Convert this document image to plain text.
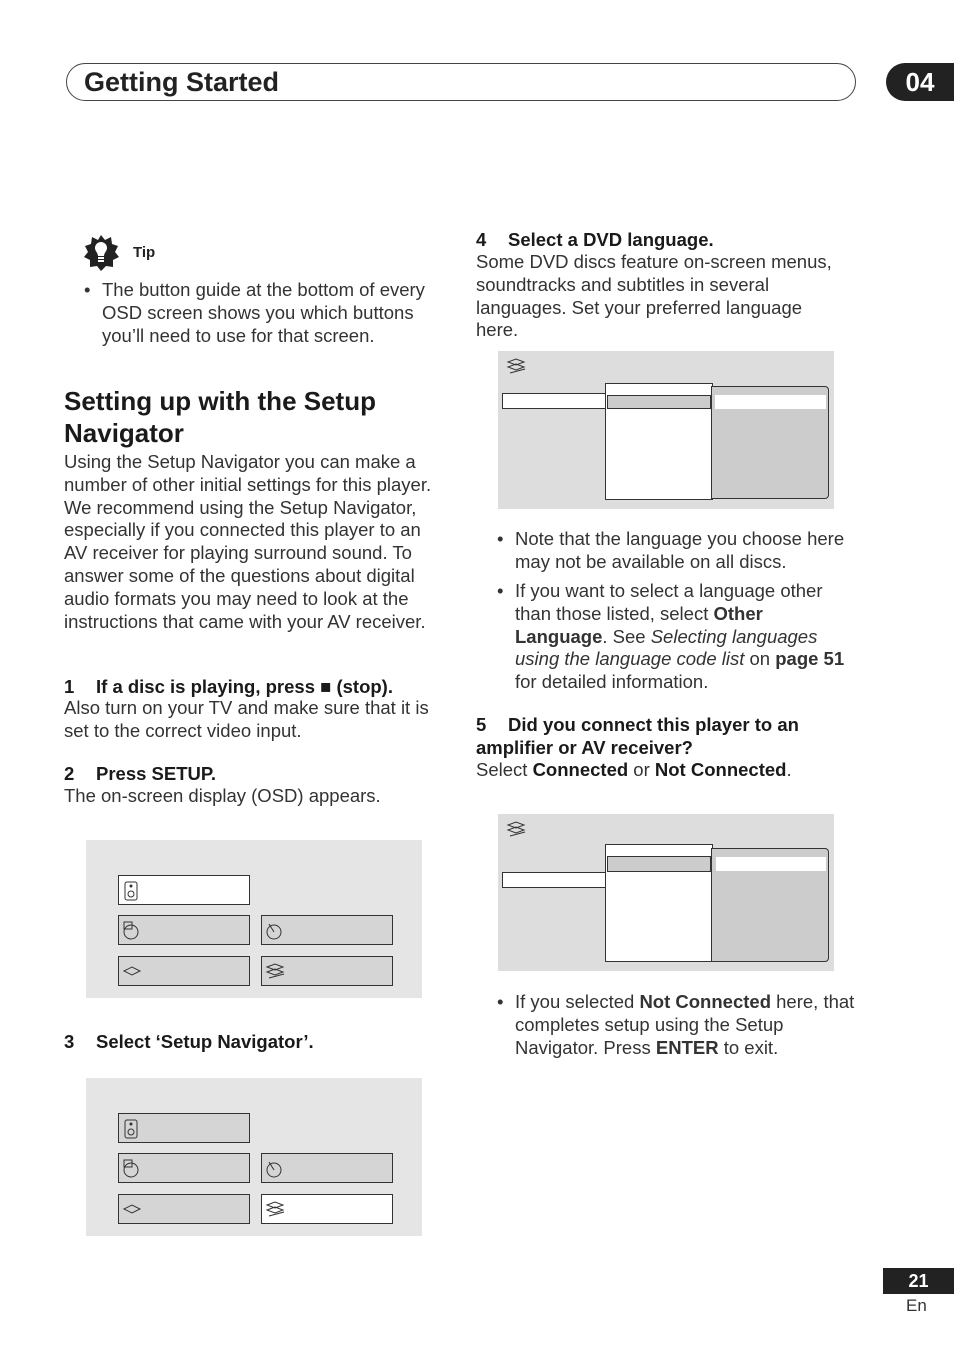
Getting Started	04
Tip
• The button guide at the bottom of every OSD screen shows you which buttons you’ll need to use for that screen.
Setting up with the Setup
Navigator
Using the Setup Navigator you can make a number of other initial settings for this player. We recommend using the Setup Navigator, especially if you connected this player to an AV receiver for playing surround sound. To answer some of the questions about digital audio formats you may need to look at the instructions that came with your AV receiver.
1 If a disc is playing, press ■ (stop).
Also turn on your TV and make sure that it is set to the correct video input.
2 Press SETUP.
The on-screen display (OSD) appears.
3 Select ‘Setup Navigator’.
4 Select a DVD language.
Some DVD discs feature on-screen menus, soundtracks and subtitles in several languages. Set your preferred language here.
• Note that the language you choose here may not be available on all discs.
• If you want to select a language other than those listed, select Other Language. See Selecting languages using the language code list on page 51 for detailed information.
5 Did you connect this player to an amplifier or AV receiver?
Select Connected or Not Connected.
• If you selected Not Connected here, that completes setup using the Setup Navigator. Press ENTER to exit.
21
En
